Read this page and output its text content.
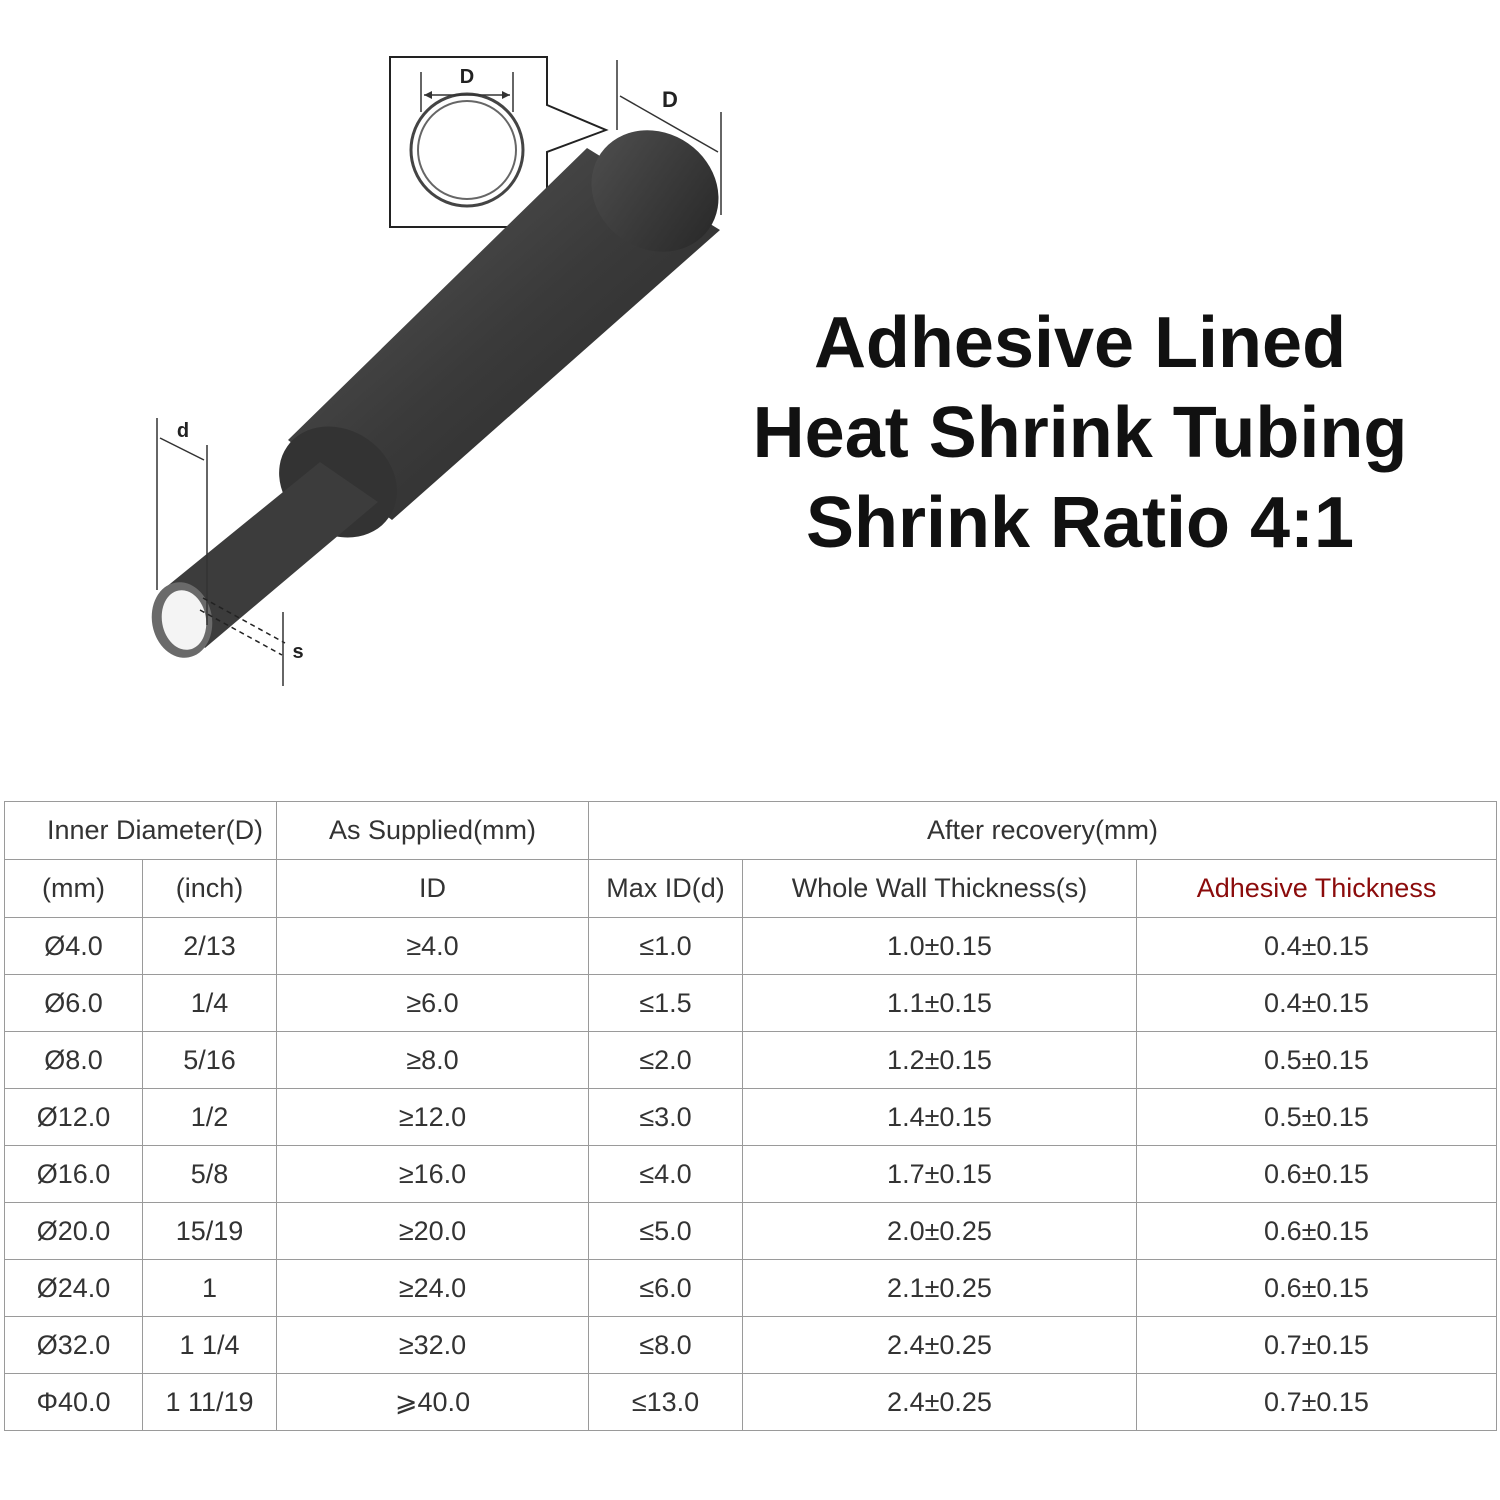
D
D
d
s
Adhesive Lined
Heat Shrink Tubing
Shrink Ratio 4:1
Inner Diameter(D)		As Supplied(mm)	After recovery(mm)		
(mm)	(inch)	ID	Max ID(d)	Whole Wall Thickness(s)	Adhesive Thickness
Ø4.0	2/13	≥4.0	≤1.0	1.0±0.15	0.4±0.15
Ø6.0	1/4	≥6.0	≤1.5	1.1±0.15	0.4±0.15
Ø8.0	5/16	≥8.0	≤2.0	1.2±0.15	0.5±0.15
Ø12.0	1/2	≥12.0	≤3.0	1.4±0.15	0.5±0.15
Ø16.0	5/8	≥16.0	≤4.0	1.7±0.15	0.6±0.15
Ø20.0	15/19	≥20.0	≤5.0	2.0±0.25	0.6±0.15
Ø24.0	1	≥24.0	≤6.0	2.1±0.25	0.6±0.15
Ø32.0	1 1/4	≥32.0	≤8.0	2.4±0.25	0.7±0.15
Φ40.0	1 11/19	⩾40.0	≤13.0	2.4±0.25	0.7±0.15
